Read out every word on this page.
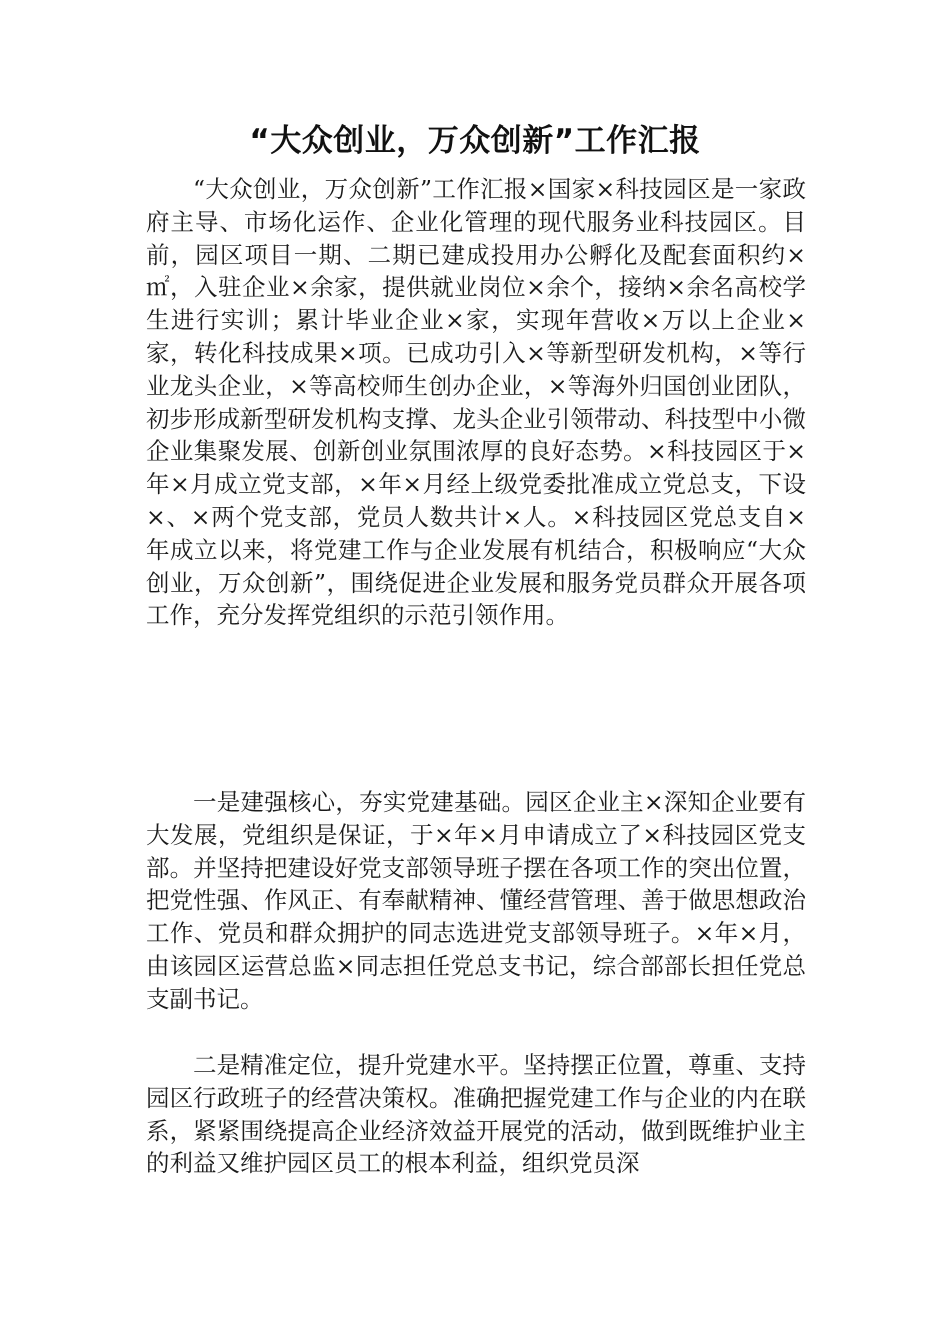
“大众创业，万众创新”工作汇报

“大众创业，万众创新”工作汇报×国家×科技园区是一家政府主导、市场化运作、企业化管理的现代服务业科技园区。目前，园区项目一期、二期已建成投用办公孵化及配套面积约×㎡，入驻企业×余家，提供就业岗位×余个，接纳×余名高校学生进行实训；累计毕业企业×家，实现年营收×万以上企业×家，转化科技成果×项。已成功引入×等新型研发机构，×等行业龙头企业，×等高校师生创办企业，×等海外归国创业团队，初步形成新型研发机构支撑、龙头企业引领带动、科技型中小微企业集聚发展、创新创业氛围浓厚的良好态势。×科技园区于×年×月成立党支部，×年×月经上级党委批准成立党总支，下设×、×两个党支部，党员人数共计×人。×科技园区党总支自×年成立以来，将党建工作与企业发展有机结合，积极响应“大众创业，万众创新”，围绕促进企业发展和服务党员群众开展各项工作，充分发挥党组织的示范引领作用。

一是建强核心，夯实党建基础。园区企业主×深知企业要有大发展，党组织是保证，于×年×月申请成立了×科技园区党支部。并坚持把建设好党支部领导班子摆在各项工作的突出位置，把党性强、作风正、有奉献精神、懂经营管理、善于做思想政治工作、党员和群众拥护的同志选进党支部领导班子。×年×月，由该园区运营总监×同志担任党总支书记，综合部部长担任党总支副书记。

二是精准定位，提升党建水平。坚持摆正位置，尊重、支持园区行政班子的经营决策权。准确把握党建工作与企业的内在联系，紧紧围绕提高企业经济效益开展党的活动，做到既维护业主的利益又维护园区员工的根本利益，组织党员深
